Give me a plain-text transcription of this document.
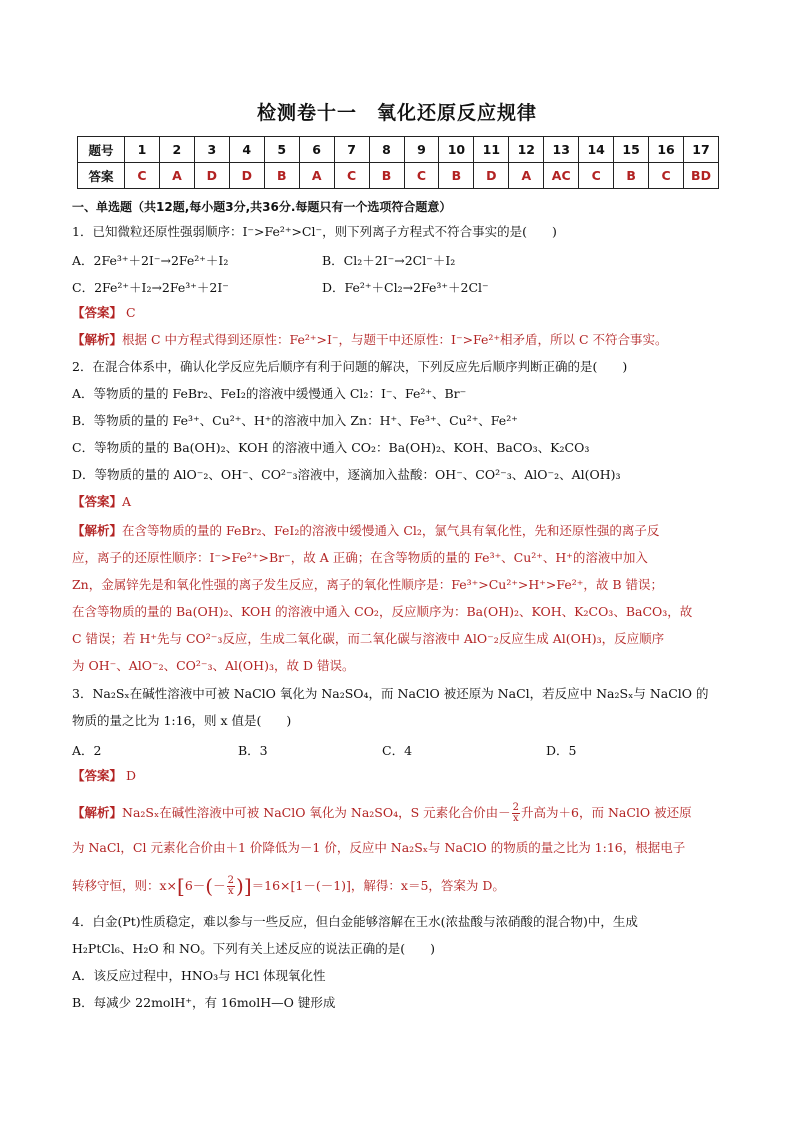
检测卷十一　氧化还原反应规律
题号	1	2	3	4	5	6	7	8	9	10	11	12	13	14	15	16	17
答案	C	A	D	D	B	A	C	B	C	B	D	A	AC	C	B	C	BD
一、单选题（共12题,每小题3分,共36分.每题只有一个选项符合题意）
1．已知微粒还原性强弱顺序：I⁻>Fe²⁺>Cl⁻，则下列离子方程式不符合事实的是(　　)
A．2Fe³⁺＋2I⁻→2Fe²⁺＋I₂	B．Cl₂＋2I⁻→2Cl⁻＋I₂
C．2Fe²⁺＋I₂→2Fe³⁺＋2I⁻	D．Fe²⁺＋Cl₂→2Fe³⁺＋2Cl⁻
【答案】 C
【解析】根据 C 中方程式得到还原性：Fe²⁺>I⁻，与题干中还原性：I⁻>Fe²⁺相矛盾，所以 C 不符合事实。
2．在混合体系中，确认化学反应先后顺序有利于问题的解决，下列反应先后顺序判断正确的是(　　)
A．等物质的量的 FeBr₂、FeI₂的溶液中缓慢通入 Cl₂：I⁻、Fe²⁺、Br⁻
B．等物质的量的 Fe³⁺、Cu²⁺、H⁺的溶液中加入 Zn：H⁺、Fe³⁺、Cu²⁺、Fe²⁺
C．等物质的量的 Ba(OH)₂、KOH 的溶液中通入 CO₂：Ba(OH)₂、KOH、BaCO₃、K₂CO₃
D．等物质的量的 AlO⁻₂、OH⁻、CO²⁻₃溶液中，逐滴加入盐酸：OH⁻、CO²⁻₃、AlO⁻₂、Al(OH)₃
【答案】A
【解析】在含等物质的量的 FeBr₂、FeI₂的溶液中缓慢通入 Cl₂，氯气具有氧化性，先和还原性强的离子反
应，离子的还原性顺序：I⁻>Fe²⁺>Br⁻，故 A 正确；在含等物质的量的 Fe³⁺、Cu²⁺、H⁺的溶液中加入
Zn，金属锌先是和氧化性强的离子发生反应，离子的氧化性顺序是：Fe³⁺>Cu²⁺>H⁺>Fe²⁺，故 B 错误；
在含等物质的量的 Ba(OH)₂、KOH 的溶液中通入 CO₂，反应顺序为：Ba(OH)₂、KOH、K₂CO₃、BaCO₃，故
C 错误；若 H⁺先与 CO²⁻₃反应，生成二氧化碳，而二氧化碳与溶液中 AlO⁻₂反应生成 Al(OH)₃，反应顺序
为 OH⁻、AlO⁻₂、CO²⁻₃、Al(OH)₃，故 D 错误。
3．Na₂Sₓ在碱性溶液中可被 NaClO 氧化为 Na₂SO₄，而 NaClO 被还原为 NaCl，若反应中 Na₂Sₓ与 NaClO 的
物质的量之比为 1:16，则 x 值是(　　)
A．2	B．3	C．4	D．5
【答案】 D
【解析】Na₂Sₓ在碱性溶液中可被 NaClO 氧化为 Na₂SO₄，S 元素化合价由－ $\frac{2}{x}$ 升高为＋6，而 NaClO 被还原
为 NaCl，Cl 元素化合价由＋1 价降低为－1 价，反应中 Na₂Sₓ与 NaClO 的物质的量之比为 1:16，根据电子
转移守恒，则：$x\times[6-(- \frac{2}{x} )]=16\times[1-(-1)]$，解得：x＝5，答案为 D。
4．白金(Pt)性质稳定，难以参与一些反应，但白金能够溶解在王水(浓盐酸与浓硝酸的混合物)中，生成
H₂PtCl₆、H₂O 和 NO。下列有关上述反应的说法正确的是(　　)
A．该反应过程中，HNO₃与 HCl 体现氧化性
B．每减少 22molH⁺，有 16molH—O 键形成
